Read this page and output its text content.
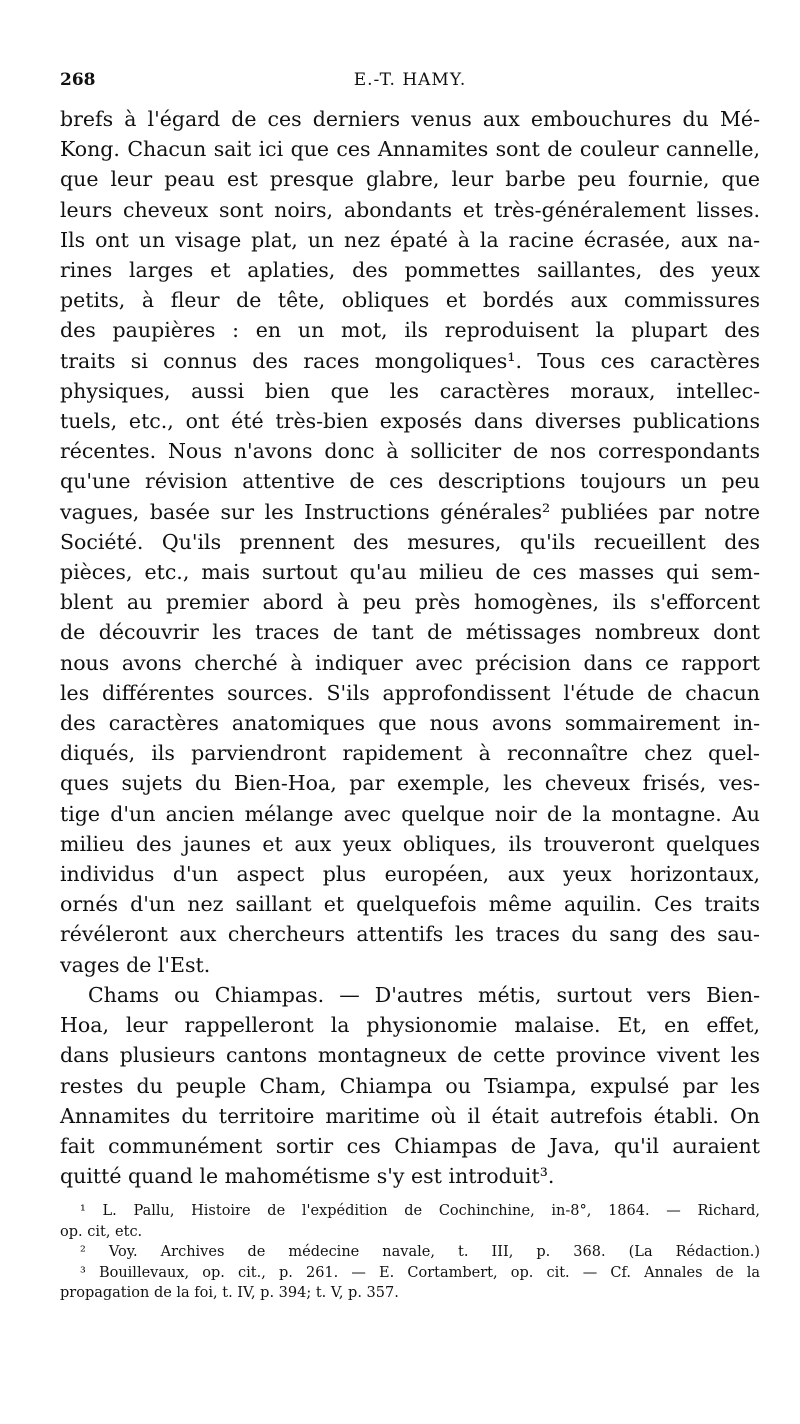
268	E.-T. HAMY.
brefs à l'égard de ces derniers venus aux embouchures du Mé-
Kong. Chacun sait ici que ces Annamites sont de couleur cannelle,
que leur peau est presque glabre, leur barbe peu fournie, que
leurs cheveux sont noirs, abondants et très-généralement lisses.
Ils ont un visage plat, un nez épaté à la racine écrasée, aux na-
rines larges et aplaties, des pommettes saillantes, des yeux
petits, à fleur de tête, obliques et bordés aux commissures
des paupières : en un mot, ils reproduisent la plupart des
traits si connus des races mongoliques¹. Tous ces caractères
physiques, aussi bien que les caractères moraux, intellec-
tuels, etc., ont été très-bien exposés dans diverses publications
récentes. Nous n'avons donc à solliciter de nos correspondants
qu'une révision attentive de ces descriptions toujours un peu
vagues, basée sur les Instructions générales² publiées par notre
Société. Qu'ils prennent des mesures, qu'ils recueillent des
pièces, etc., mais surtout qu'au milieu de ces masses qui sem-
blent au premier abord à peu près homogènes, ils s'efforcent
de découvrir les traces de tant de métissages nombreux dont
nous avons cherché à indiquer avec précision dans ce rapport
les différentes sources. S'ils approfondissent l'étude de chacun
des caractères anatomiques que nous avons sommairement in-
diqués, ils parviendront rapidement à reconnaître chez quel-
ques sujets du Bien-Hoa, par exemple, les cheveux frisés, ves-
tige d'un ancien mélange avec quelque noir de la montagne. Au
milieu des jaunes et aux yeux obliques, ils trouveront quelques
individus d'un aspect plus européen, aux yeux horizontaux,
ornés d'un nez saillant et quelquefois même aquilin. Ces traits
révéleront aux chercheurs attentifs les traces du sang des sau-
vages de l'Est.
Chams ou Chiampas. — D'autres métis, surtout vers Bien-
Hoa, leur rappelleront la physionomie malaise. Et, en effet,
dans plusieurs cantons montagneux de cette province vivent les
restes du peuple Cham, Chiampa ou Tsiampa, expulsé par les
Annamites du territoire maritime où il était autrefois établi. On
fait communément sortir ces Chiampas de Java, qu'il auraient
quitté quand le mahométisme s'y est introduit³.
¹ L. Pallu, Histoire de l'expédition de Cochinchine, in-8°, 1864. — Richard,
op. cit, etc.
² Voy. Archives de médecine navale, t. III, p. 368. (La Rédaction.)
³ Bouillevaux, op. cit., p. 261. — E. Cortambert, op. cit. — Cf. Annales de la
propagation de la foi, t. IV, p. 394; t. V, p. 357.
